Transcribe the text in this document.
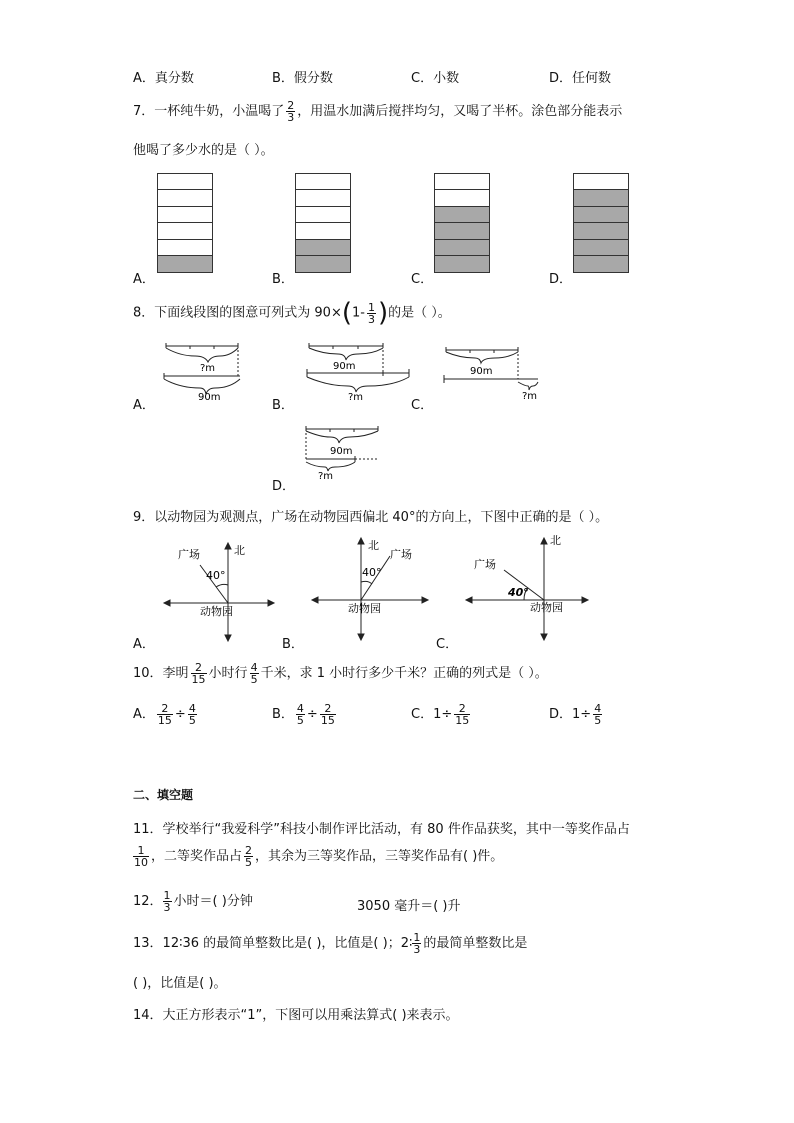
A．真分数	B．假分数	C．小数	D．任何数
7．一杯纯牛奶，小温喝了 $\frac{2}{3}$ ，用温水加满后搅拌均匀，又喝了半杯。涂色部分能表示
他喝了多少水的是（ ）。
A．	B．	C．	D．
8．下面线段图的图意可列式为 $90\times(1- \frac{1}{3}$ )的是（ ）。
?m
90m
90m
?m
90m
?m
A．	B．	C．
90m
?m
D．
9．以动物园为观测点，广场在动物园西偏北 40°的方向上，下图中正确的是（ ）。
广场	北
40°
动物园
北
广场
40°
动物园
北
广场
40°
动物园
A．	B．	C．
10．李明 $\frac{2}{15}$ 小时行 $\frac{4}{5}$ 千米，求 1 小时行多少千米？正确的列式是（ ）。
A． $\frac{2}{15} \div \frac{4}{5}$	B． $\frac{4}{5} \div \frac{2}{15}$	C．$1\div \frac{2}{15}$	D．$1\div \frac{4}{5}$
二、填空题
11．学校举行“我爱科学”科技小制作评比活动，有 80 件作品获奖，其中一等奖作品占
$\frac{1}{10}$ ，二等奖作品占 $\frac{2}{5}$ ，其余为三等奖作品，三等奖作品有( )件。
12． $\frac{1}{3}$ 小时＝( )分钟	3050 毫升＝( )升
13．12∶36 的最简单整数比是( )，比值是( )；2∶ $\frac{1}{3}$ 的最简单整数比是
( )，比值是( )。
14．大正方形表示“1”，下图可以用乘法算式( )来表示。
